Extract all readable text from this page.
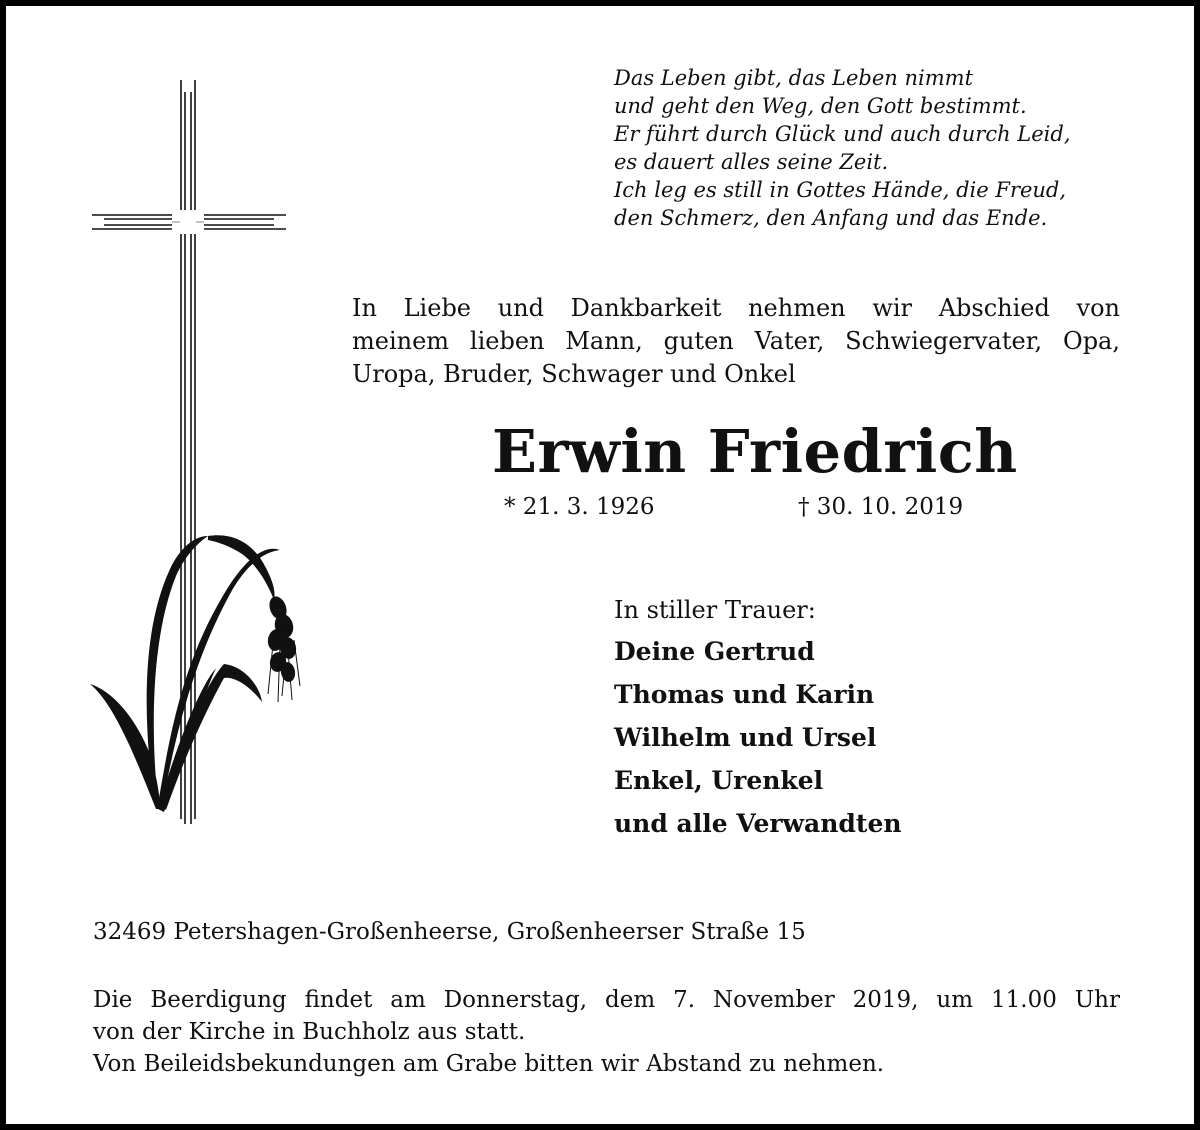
Das Leben gibt, das Leben nimmt
und geht den Weg, den Gott bestimmt.
Er führt durch Glück und auch durch Leid,
es dauert alles seine Zeit.
Ich leg es still in Gottes Hände, die Freud,
den Schmerz, den Anfang und das Ende.
In Liebe und Dankbarkeit nehmen wir Abschied von
meinem lieben Mann, guten Vater, Schwiegervater, Opa,
Uropa, Bruder, Schwager und Onkel
Erwin Friedrich
* 21. 3. 1926	† 30. 10. 2019
In stiller Trauer:
Deine Gertrud
Thomas und Karin
Wilhelm und Ursel
Enkel, Urenkel
und alle Verwandten
32469 Petershagen-Großenheerse, Großenheerser Straße 15
Die Beerdigung findet am Donnerstag, dem 7. November 2019, um 11.00 Uhr
von der Kirche in Buchholz aus statt.
Von Beileidsbekundungen am Grabe bitten wir Abstand zu nehmen.
